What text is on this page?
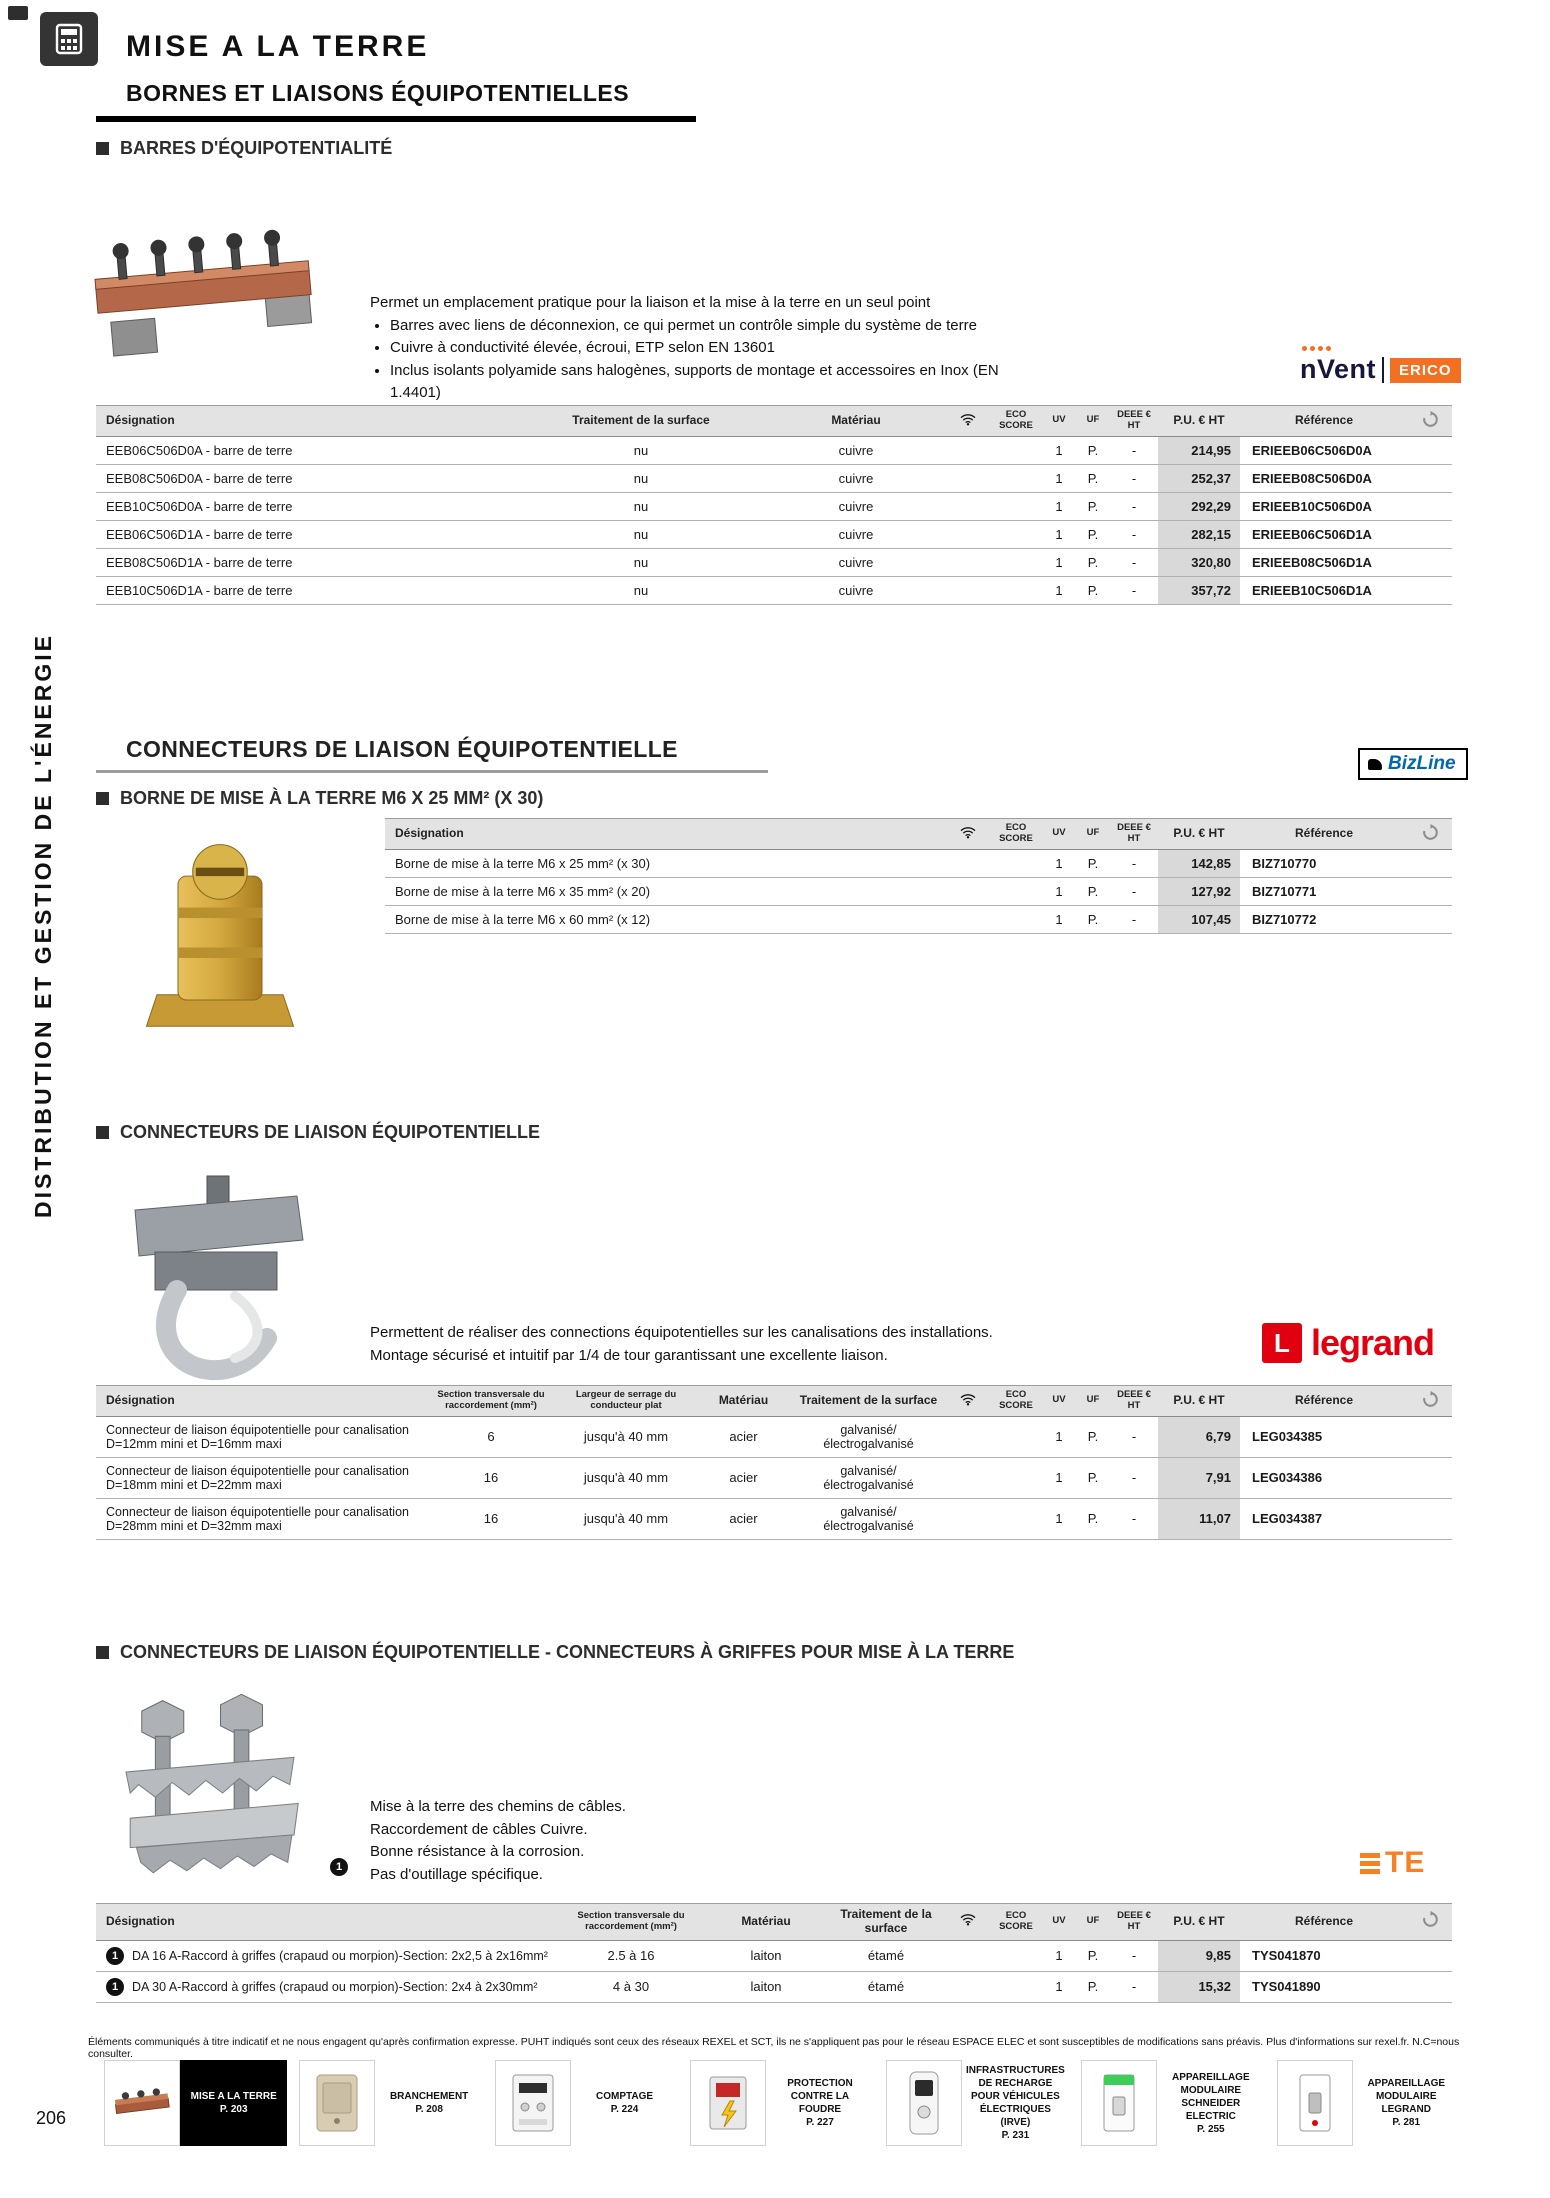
MISE A LA TERRE
BORNES ET LIAISONS ÉQUIPOTENTIELLES
DISTRIBUTION ET GESTION DE L'ÉNERGIE
BARRES D'ÉQUIPOTENTIALITÉ

Permet un emplacement pratique pour la liaison et la mise à la terre en un seul point

• Barres avec liens de déconnexion, ce qui permet un contrôle simple du système de terre
• Cuivre à conductivité élevée, écroui, ETP selon EN 13601
• Inclus isolants polyamide sans halogènes, supports de montage et accessoires en Inox (EN 1.4401)
nVent	ERICO
Désignation	Traitement de la surface	Matériau		ECO SCORE	UV	UF	DEEE € HT	P.U. € HT	Référence	
EEB06C506D0A - barre de terre	nu	cuivre			1	P.	-	214,95	ERIEEB06C506D0A	
EEB08C506D0A - barre de terre	nu	cuivre			1	P.	-	252,37	ERIEEB08C506D0A	
EEB10C506D0A - barre de terre	nu	cuivre			1	P.	-	292,29	ERIEEB10C506D0A	
EEB06C506D1A - barre de terre	nu	cuivre			1	P.	-	282,15	ERIEEB06C506D1A	
EEB08C506D1A - barre de terre	nu	cuivre			1	P.	-	320,80	ERIEEB08C506D1A	
EEB10C506D1A - barre de terre	nu	cuivre			1	P.	-	357,72	ERIEEB10C506D1A	
CONNECTEURS DE LIAISON ÉQUIPOTENTIELLE
BizLine
BORNE DE MISE À LA TERRE M6 X 25 MM² (X 30)
Désignation		ECO SCORE	UV	UF	DEEE € HT	P.U. € HT	Référence	
Borne de mise à la terre M6 x 25 mm² (x 30)			1	P.	-	142,85	BIZ710770	
Borne de mise à la terre M6 x 35 mm² (x 20)			1	P.	-	127,92	BIZ710771	
Borne de mise à la terre M6 x 60 mm² (x 12)			1	P.	-	107,45	BIZ710772	
CONNECTEURS DE LIAISON ÉQUIPOTENTIELLE

Permettent de réaliser des connections équipotentielles sur les canalisations des installations.

Montage sécurisé et intuitif par 1/4 de tour garantissant une excellente liaison.	L legrand
Désignation	Section transversale du raccordement (mm²)	Largeur de serrage du conducteur plat	Matériau	Traitement de la surface		ECO SCORE	UV	UF	DEEE € HT	P.U. € HT	Référence	
Connecteur de liaison équipotentielle pour canalisation D=12mm mini et D=16mm maxi	6	jusqu'à 40 mm	acier	galvanisé/électrogalvanisé			1	P.	-	6,79	LEG034385	
Connecteur de liaison équipotentielle pour canalisation D=18mm mini et D=22mm maxi	16	jusqu'à 40 mm	acier	galvanisé/électrogalvanisé			1	P.	-	7,91	LEG034386	
Connecteur de liaison équipotentielle pour canalisation D=28mm mini et D=32mm maxi	16	jusqu'à 40 mm	acier	galvanisé/électrogalvanisé			1	P.	-	11,07	LEG034387	
CONNECTEURS DE LIAISON ÉQUIPOTENTIELLE - CONNECTEURS À GRIFFES POUR MISE À LA TERRE
1

Mise à la terre des chemins de câbles.

Raccordement de câbles Cuivre.

Bonne résistance à la corrosion.

Pas d'outillage spécifique.	TE
Désignation	Section transversale du raccordement (mm²)	Matériau	Traitement de la surface		ECO SCORE	UV	UF	DEEE € HT	P.U. € HT	Référence	

1 DA 16 A-Raccord à griffes (crapaud ou morpion)-Section: 2x2,5 à 2x16mm²	2.5 à 16	laiton	étamé			1	P.	-	9,85	TYS041870	

1 DA 30 A-Raccord à griffes (crapaud ou morpion)-Section: 2x4 à 2x30mm²	4 à 30	laiton	étamé			1	P.	-	15,32	TYS041890	

Éléments communiqués à titre indicatif et ne nous engagent qu'après confirmation expresse. PUHT indiqués sont ceux des réseaux REXEL et SCT, ils ne s'appliquent pas pour le réseau ESPACE ELEC et sont susceptibles de modifications sans préavis. Plus d'informations sur rexel.fr. N.C=nous consulter.

206
MISE A LA TERRE
P. 203
BRANCHEMENT
P. 208
COMPTAGE
P. 224
PROTECTION CONTRE LA FOUDRE
P. 227
INFRASTRUCTURES DE RECHARGE POUR VÉHICULES ÉLECTRIQUES (IRVE)
P. 231
APPAREILLAGE MODULAIRE SCHNEIDER ELECTRIC
P. 255
APPAREILLAGE MODULAIRE LEGRAND
P. 281
